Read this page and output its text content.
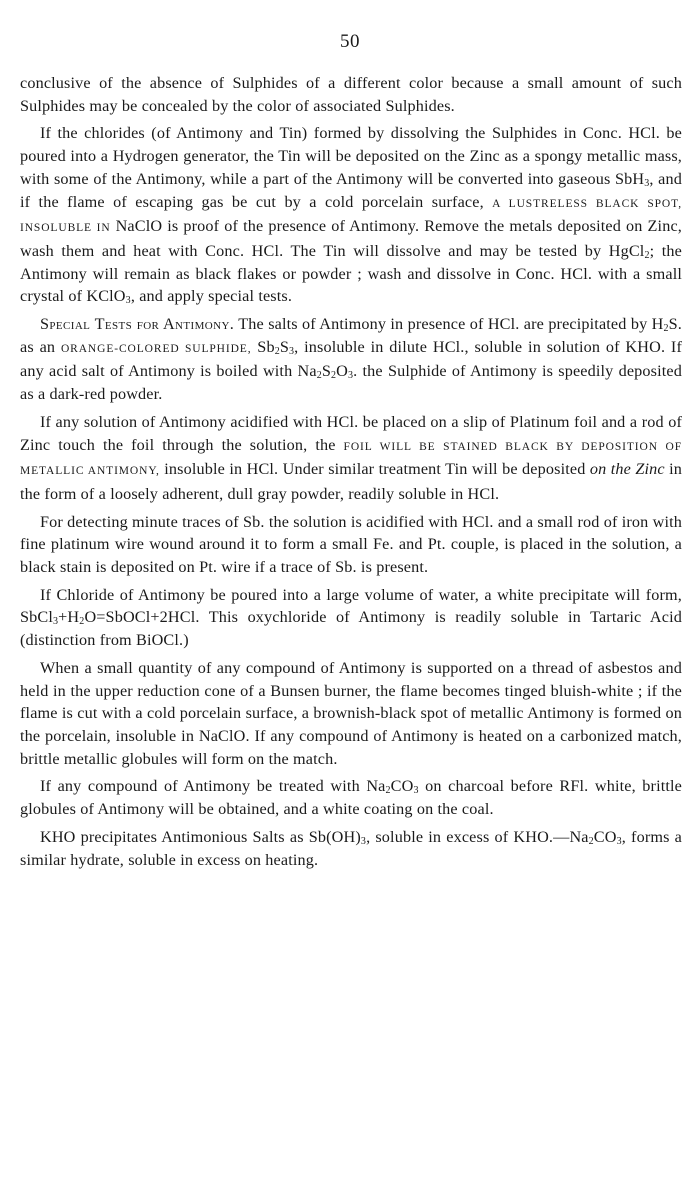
50

conclusive of the absence of Sulphides of a different color because a small amount of such Sulphides may be concealed by the color of associated Sulphides.

If the chlorides (of Antimony and Tin) formed by dissolving the Sulphides in Conc. HCl. be poured into a Hydrogen generator, the Tin will be deposited on the Zinc as a spongy metallic mass, with some of the Antimony, while a part of the Antimony will be converted into gaseous SbH$_3$, and if the flame of escaping gas be cut by a cold porcelain surface, A LUSTRELESS BLACK SPOT, INSOLUBLE IN NaClO is proof of the presence of Antimony. Remove the metals deposited on Zinc, wash them and heat with Conc. HCl. The Tin will dissolve and may be tested by HgCl$_2$; the Antimony will remain as black flakes or powder ; wash and dissolve in Conc. HCl. with a small crystal of KClO$_3$, and apply special tests.

Special Tests for Antimony. The salts of Antimony in presence of HCl. are precipitated by $H_2S$. as an ORANGE-COLORED SULPHIDE, $Sb_2S_3$, insoluble in dilute HCl., soluble in solution of KHO. If any acid salt of Antimony is boiled with $Na_2S_2O_3$. the Sulphide of Antimony is speedily deposited as a dark-red powder.

If any solution of Antimony acidified with HCl. be placed on a slip of Platinum foil and a rod of Zinc touch the foil through the solution, the FOIL WILL BE STAINED BLACK BY DEPOSITION OF METALLIC ANTIMONY, insoluble in HCl. Under similar treatment Tin will be deposited on the Zinc in the form of a loosely adherent, dull gray powder, readily soluble in HCl.

For detecting minute traces of Sb. the solution is acidified with HCl. and a small rod of iron with fine platinum wire wound around it to form a small Fe. and Pt. couple, is placed in the solution, a black stain is deposited on Pt. wire if a trace of Sb. is present.

If Chloride of Antimony be poured into a large volume of water, a white precipitate will form, $SbCl_3+H_2O=SbOCl+2HCl$. This oxychloride of Antimony is readily soluble in Tartaric Acid (distinction from BiOCl.)

When a small quantity of any compound of Antimony is supported on a thread of asbestos and held in the upper reduction cone of a Bunsen burner, the flame becomes tinged bluish-white ; if the flame is cut with a cold porcelain surface, a brownish-black spot of metallic Antimony is formed on the porcelain, insoluble in NaClO. If any compound of Antimony is heated on a carbonized match, brittle metallic globules will form on the match.

If any compound of Antimony be treated with $Na_2CO_3$ on charcoal before RFl. white, brittle globules of Antimony will be obtained, and a white coating on the coal.

KHO precipitates Antimonious Salts as $Sb(OH)_3$, soluble in excess of $KHO.—Na_2CO_3$, forms a similar hydrate, soluble in excess on heating.
